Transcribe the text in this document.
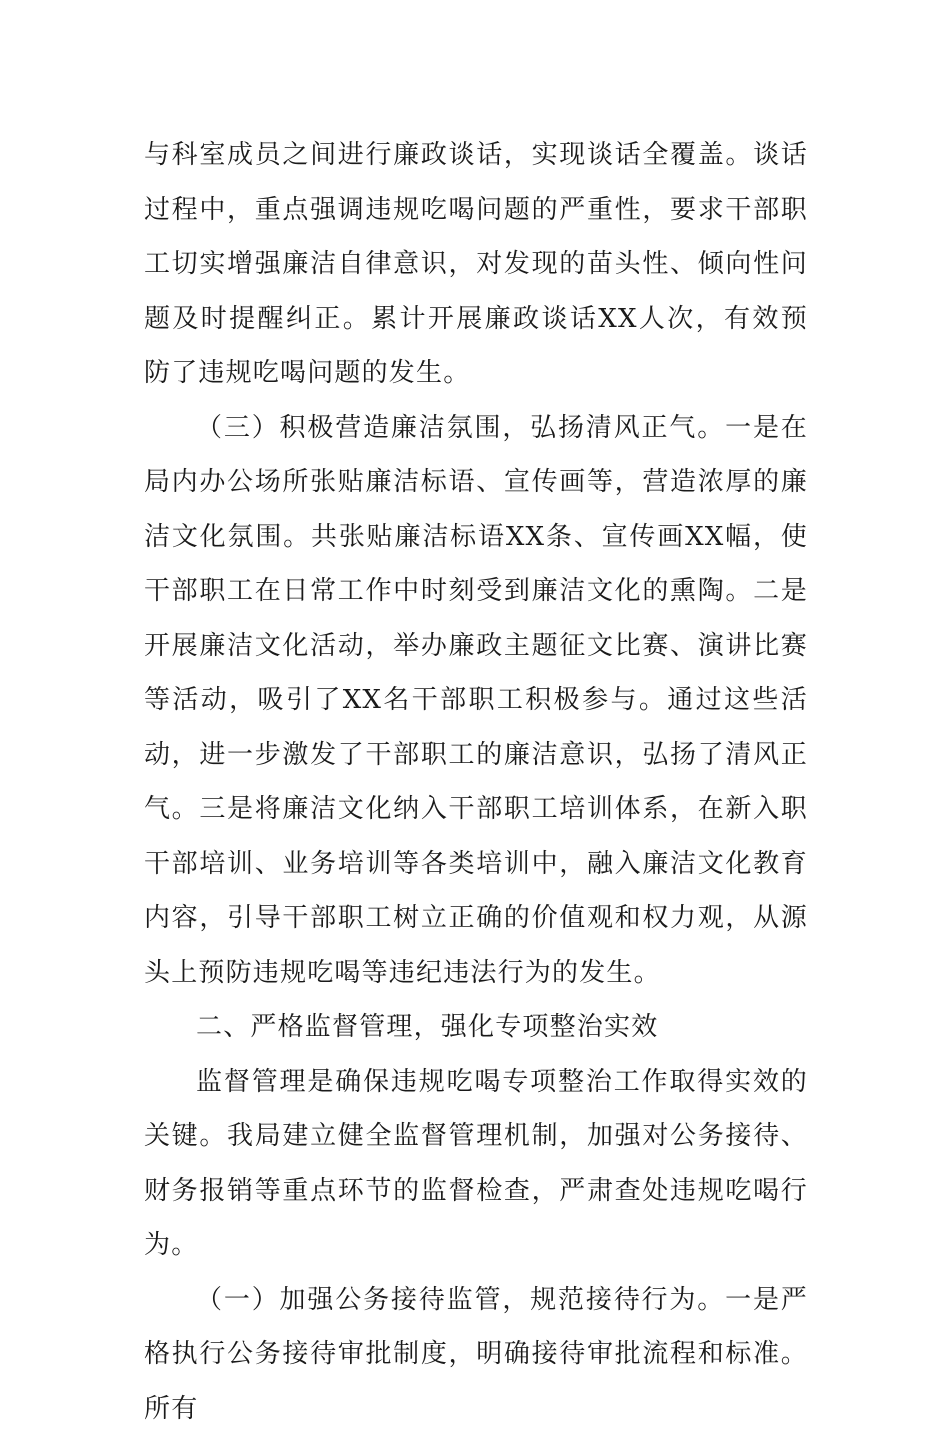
与科室成员之间进行廉政谈话，实现谈话全覆盖。谈话过程中，重点强调违规吃喝问题的严重性，要求干部职工切实增强廉洁自律意识，对发现的苗头性、倾向性问题及时提醒纠正。累计开展廉政谈话XX人次，有效预防了违规吃喝问题的发生。

（三）积极营造廉洁氛围，弘扬清风正气。一是在局内办公场所张贴廉洁标语、宣传画等，营造浓厚的廉洁文化氛围。共张贴廉洁标语XX条、宣传画XX幅，使干部职工在日常工作中时刻受到廉洁文化的熏陶。二是开展廉洁文化活动，举办廉政主题征文比赛、演讲比赛等活动，吸引了XX名干部职工积极参与。通过这些活动，进一步激发了干部职工的廉洁意识，弘扬了清风正气。三是将廉洁文化纳入干部职工培训体系，在新入职干部培训、业务培训等各类培训中，融入廉洁文化教育内容，引导干部职工树立正确的价值观和权力观，从源头上预防违规吃喝等违纪违法行为的发生。

二、严格监督管理，强化专项整治实效

监督管理是确保违规吃喝专项整治工作取得实效的关键。我局建立健全监督管理机制，加强对公务接待、财务报销等重点环节的监督检查，严肃查处违规吃喝行为。

（一）加强公务接待监管，规范接待行为。一是严格执行公务接待审批制度，明确接待审批流程和标准。所有
